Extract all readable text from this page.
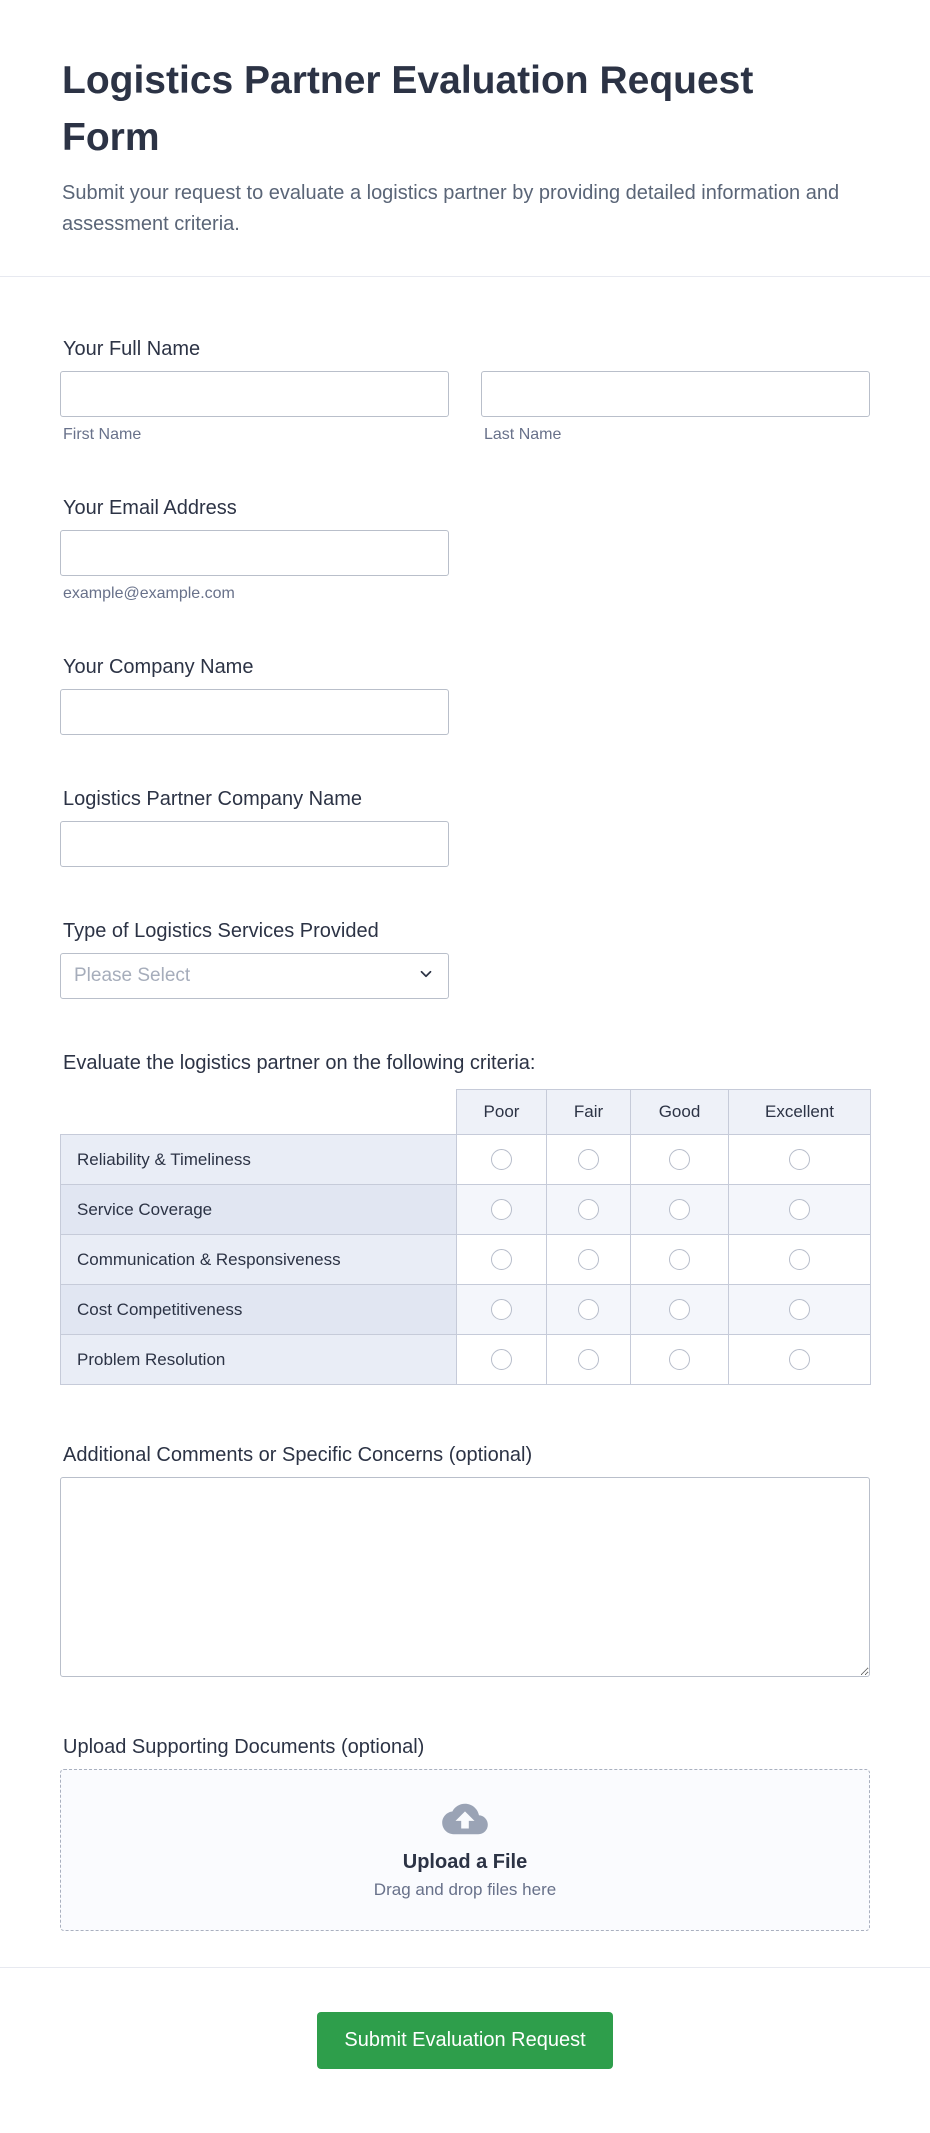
Logistics Partner Evaluation Request Form

Submit your request to evaluate a logistics partner by providing detailed information and assessment criteria.

Your Full Name
First Name	Last Name
Your Email Address
example@example.com
Your Company Name
Logistics Partner Company Name
Type of Logistics Services Provided
Please Select
Evaluate the logistics partner on the following criteria:
	Poor	Fair	Good	Excellent
Reliability & Timeliness				
Service Coverage				
Communication & Responsiveness				
Cost Competitiveness				
Problem Resolution				
Additional Comments or Specific Concerns (optional)
Upload Supporting Documents (optional)
Upload a File
Drag and drop files here
Submit Evaluation Request
